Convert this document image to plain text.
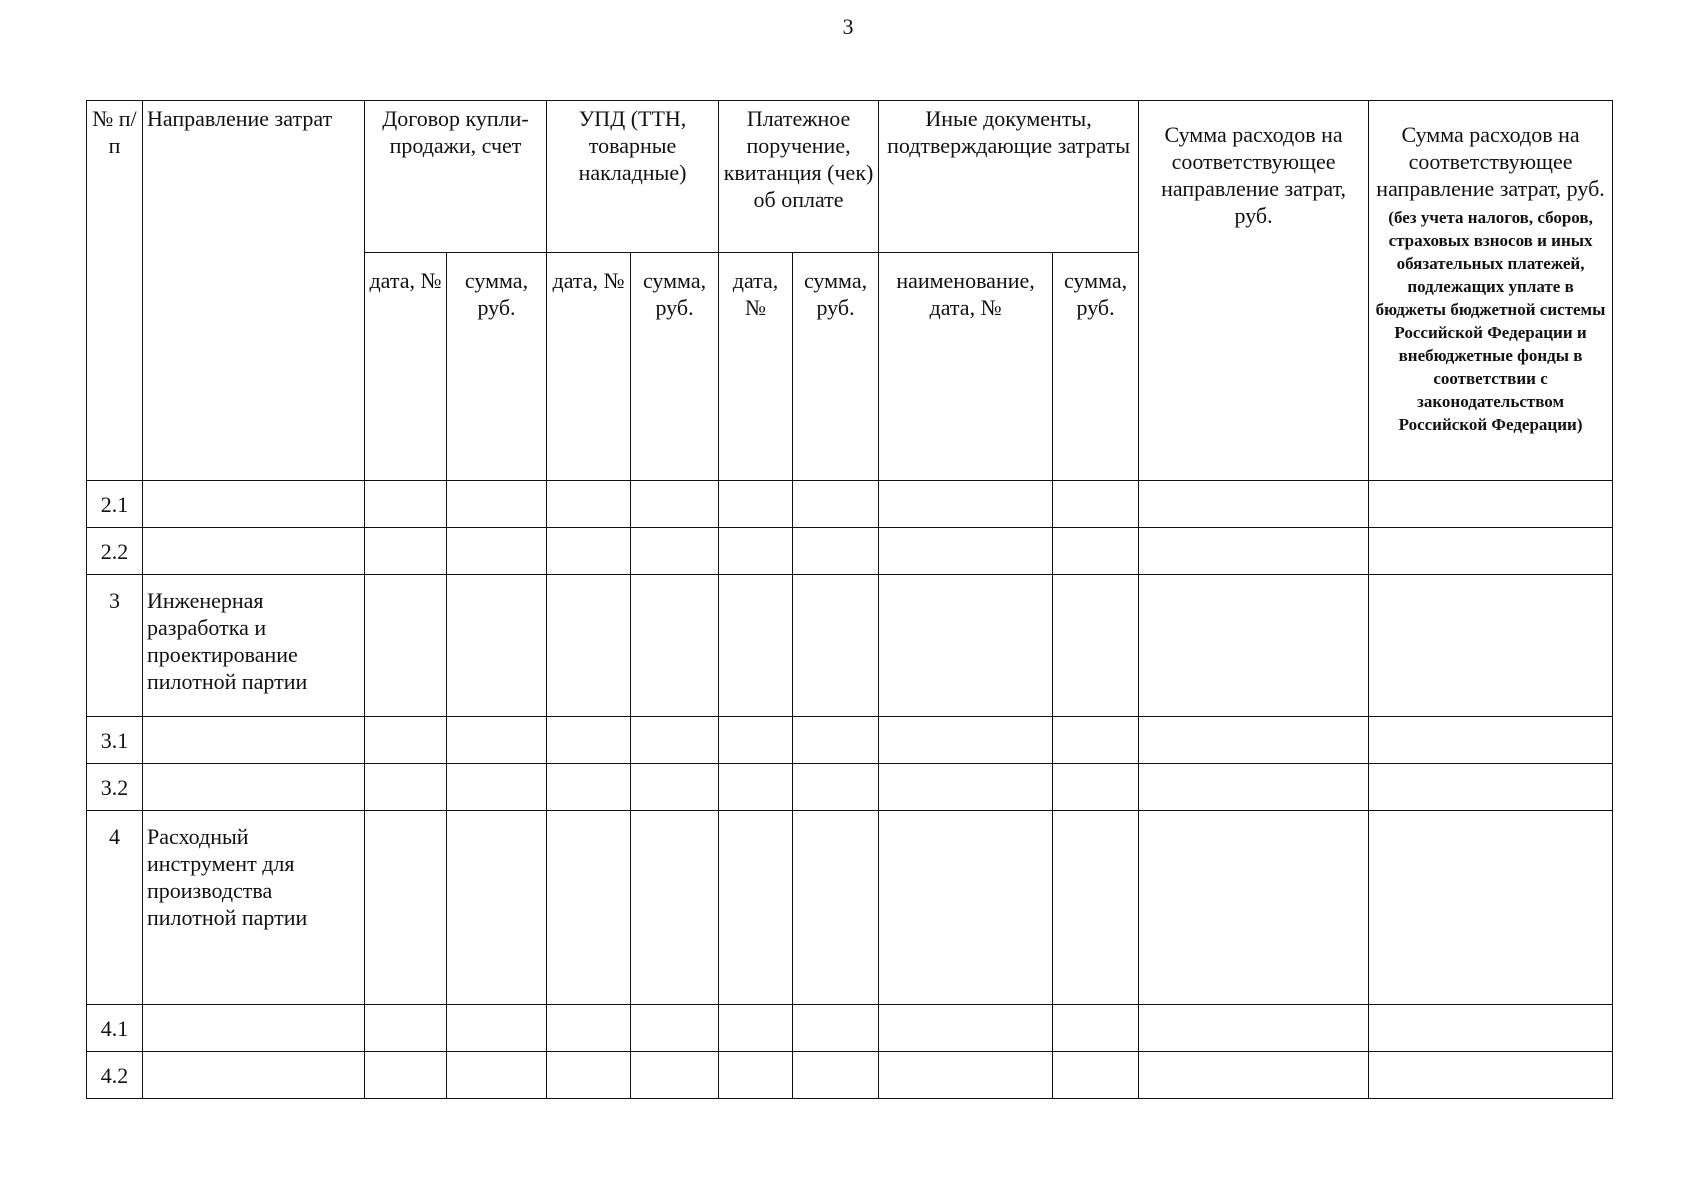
3
№ п/п	Направление затрат	Договор купли-продажи, счет		УПД (ТТН, товарные накладные)		Платежное поручение, квитанция (чек) об оплате		Иные документы, подтверждающие затраты		Сумма расходов на соответствующее направление затрат, руб.	Сумма расходов на соответствующее направление затрат, руб.
(без учета налогов, сборов, страховых взносов и иных обязательных платежей, подлежащих уплате в бюджеты бюджетной системы Российской Федерации и внебюджетные фонды в соответствии с законодательством Российской Федерации)

		дата, №	сумма, руб.	дата, №	сумма, руб.	дата, №	сумма, руб.	наименование, дата, №	сумма, руб.		
2.1											
2.2											
3	Инженерная разработка и проектирование пилотной партии										
3.1											
3.2											
4	Расходный инструмент для производства пилотной партии										
4.1											
4.2											
